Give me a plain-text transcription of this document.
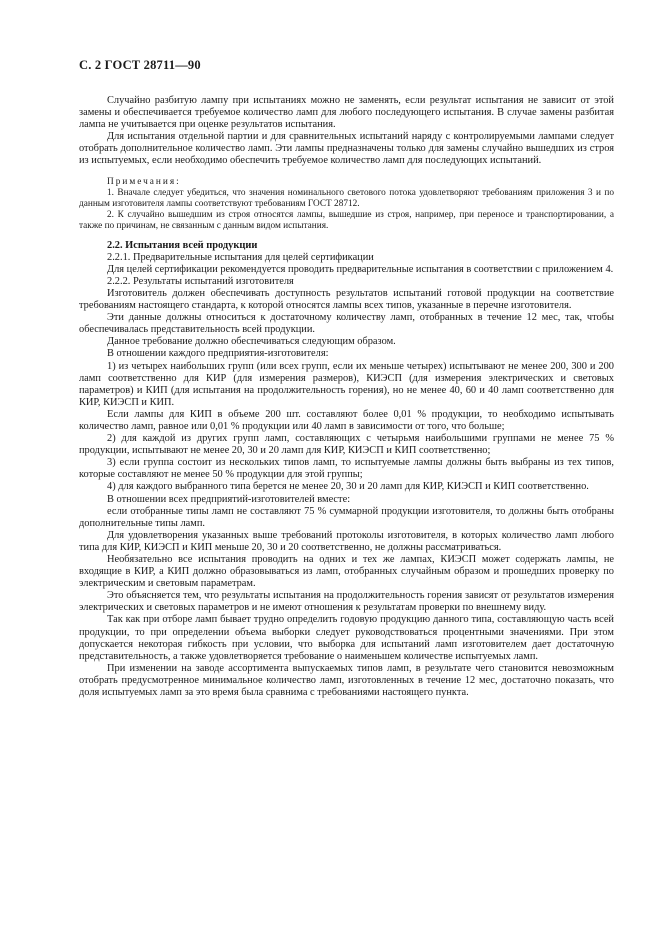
С. 2 ГОСТ 28711—90

Случайно разбитую лампу при испытаниях можно не заменять, если результат испытания не зависит от этой замены и обеспечивается требуемое количество ламп для любого последующего испытания. В случае замены разбитая лампа не учитывается при оценке результатов испытания.

Для испытания отдельной партии и для сравнительных испытаний наряду с контролируемыми лампами следует отобрать дополнительное количество ламп. Эти лампы предназначены только для замены случайно вышедших из строя из испытуемых, если необходимо обеспечить требуемое количество ламп для последующих испытаний.

Примечания:

1. Вначале следует убедиться, что значения номинального светового потока удовлетворяют требованиям приложения 3 и по данным изготовителя лампы соответствуют требованиям ГОСТ 28712.

2. К случайно вышедшим из строя относятся лампы, вышедшие из строя, например, при переносе и транспортировании, а также по причинам, не связанным с данным видом испытания.

2.2. Испытания всей продукции

2.2.1. Предварительные испытания для целей сертификации

Для целей сертификации рекомендуется проводить предварительные испытания в соответствии с приложением 4.

2.2.2. Результаты испытаний изготовителя

Изготовитель должен обеспечивать доступность результатов испытаний готовой продукции на соответствие требованиям настоящего стандарта, к которой относятся лампы всех типов, указанные в перечне изготовителя.

Эти данные должны относиться к достаточному количеству ламп, отобранных в течение 12 мес, так, чтобы обеспечивалась представительность всей продукции.

Данное требование должно обеспечиваться следующим образом.

В отношении каждого предприятия-изготовителя:

1) из четырех наибольших групп (или всех групп, если их меньше четырех) испытывают не менее 200, 300 и 200 ламп соответственно для КИР (для измерения размеров), КИЭСП (для измерения электрических и световых параметров) и КИП (для испытания на продолжительность горения), но не менее 40, 60 и 40 ламп соответственно для КИР, КИЭСП и КИП.

Если лампы для КИП в объеме 200 шт. составляют более 0,01 % продукции, то необходимо испытывать количество ламп, равное или 0,01 % продукции или 40 ламп в зависимости от того, что больше;

2) для каждой из других групп ламп, составляющих с четырьмя наибольшими группами не менее 75 % продукции, испытывают не менее 20, 30 и 20 ламп для КИР, КИЭСП и КИП соответственно;

3) если группа состоит из нескольких типов ламп, то испытуемые лампы должны быть выбраны из тех типов, которые составляют не менее 50 % продукции для этой группы;

4) для каждого выбранного типа берется не менее 20, 30 и 20 ламп для КИР, КИЭСП и КИП соответственно.

В отношении всех предприятий-изготовителей вместе:

если отобранные типы ламп не составляют 75 % суммарной продукции изготовителя, то должны быть отобраны дополнительные типы ламп.

Для удовлетворения указанных выше требований протоколы изготовителя, в которых количество ламп любого типа для КИР, КИЭСП и КИП меньше 20, 30 и 20 соответственно, не должны рассматриваться.

Необязательно все испытания проводить на одних и тех же лампах, КИЭСП может содержать лампы, не входящие в КИР, а КИП должно образовываться из ламп, отобранных случайным образом и прошедших проверку по электрическим и световым параметрам.

Это объясняется тем, что результаты испытания на продолжительность горения зависят от результатов измерения электрических и световых параметров и не имеют отношения к результатам проверки по внешнему виду.

Так как при отборе ламп бывает трудно определить годовую продукцию данного типа, составляющую часть всей продукции, то при определении объема выборки следует руководствоваться процентными значениями. При этом допускается некоторая гибкость при условии, что выборка для испытаний ламп изготовителем дает достаточную представительность, а также удовлетворяется требование о наименьшем количестве испытуемых ламп.

При изменении на заводе ассортимента выпускаемых типов ламп, в результате чего становится невозможным отобрать предусмотренное минимальное количество ламп, изготовленных в течение 12 мес, достаточно показать, что доля испытуемых ламп за это время была сравнима с требованиями настоящего пункта.
